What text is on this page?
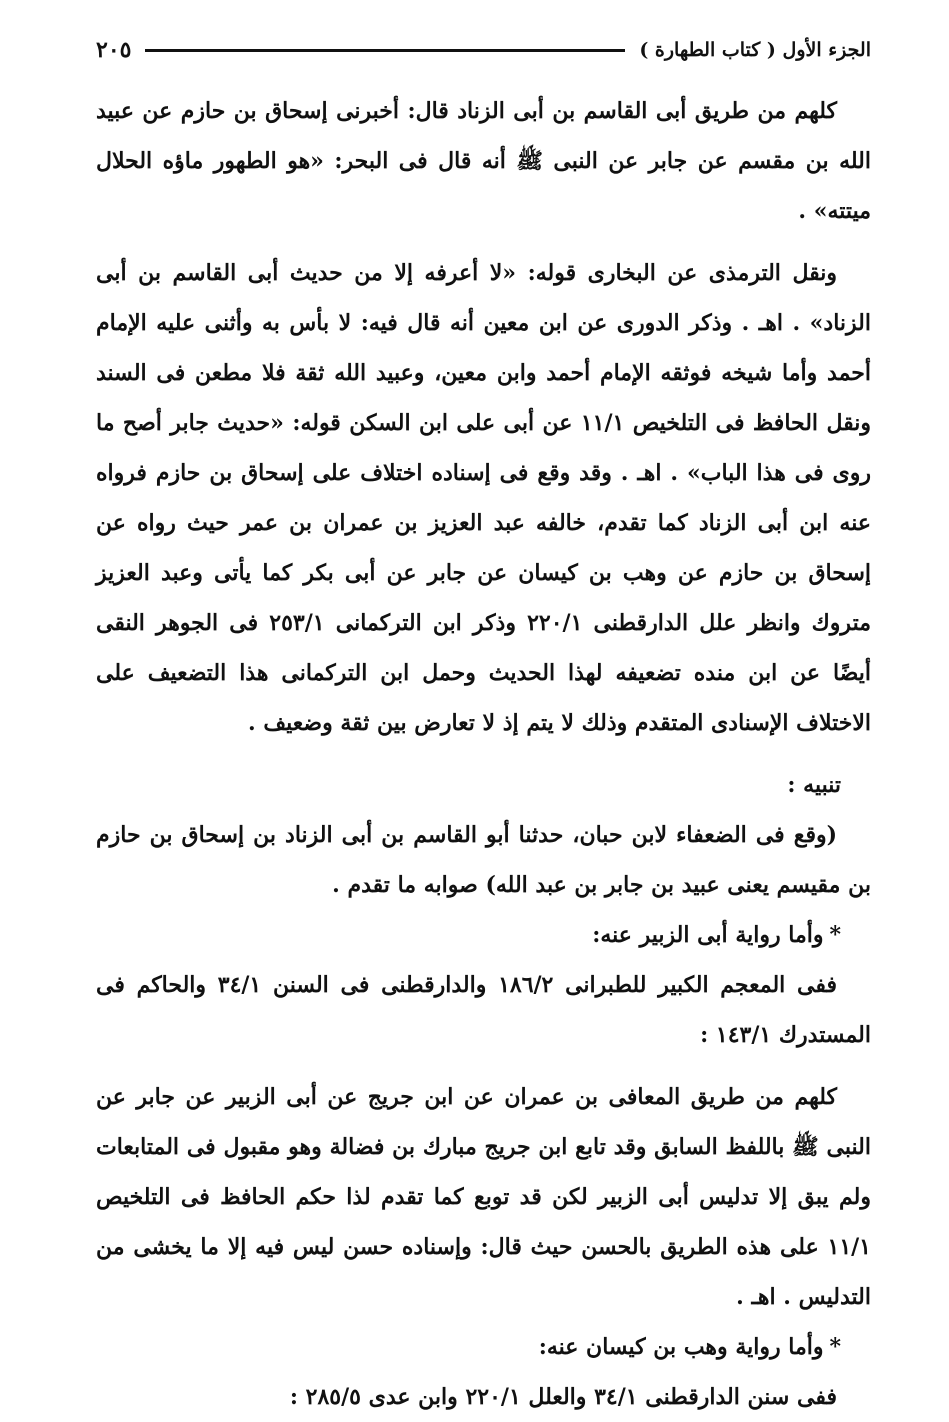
الجزء الأول ( كتاب الطهارة )
٢٠٥

كلهم من طريق أبى القاسم بن أبى الزناد قال: أخبرنى إسحاق بن حازم عن عبيد الله بن مقسم عن جابر عن النبى ﷺ أنه قال فى البحر: «هو الطهور ماؤه الحلال ميتته» .

ونقل الترمذى عن البخارى قوله: «لا أعرفه إلا من حديث أبى القاسم بن أبى الزناد» . اهـ . وذكر الدورى عن ابن معين أنه قال فيه: لا بأس به وأثنى عليه الإمام أحمد وأما شيخه فوثقه الإمام أحمد وابن معين، وعبيد الله ثقة فلا مطعن فى السند ونقل الحافظ فى التلخيص ١١/١ عن أبى على ابن السكن قوله: «حديث جابر أصح ما روى فى هذا الباب» . اهـ . وقد وقع فى إسناده اختلاف على إسحاق بن حازم فرواه عنه ابن أبى الزناد كما تقدم، خالفه عبد العزيز بن عمران بن عمر حيث رواه عن إسحاق بن حازم عن وهب بن كيسان عن جابر عن أبى بكر كما يأتى وعبد العزيز متروك وانظر علل الدارقطنى ٢٢٠/١ وذكر ابن التركمانى ٢٥٣/١ فى الجوهر النقى أيضًا عن ابن منده تضعيفه لهذا الحديث وحمل ابن التركمانى هذا التضعيف على الاختلاف الإسنادى المتقدم وذلك لا يتم إذ لا تعارض بين ثقة وضعيف .

تنبيه :

(وقع فى الضعفاء لابن حبان، حدثنا أبو القاسم بن أبى الزناد بن إسحاق بن حازم بن مقيسم يعنى عبيد بن جابر بن عبد الله) صوابه ما تقدم .

*وأما رواية أبى الزبير عنه:

ففى المعجم الكبير للطبرانى ١٨٦/٢ والدارقطنى فى السنن ٣٤/١ والحاكم فى المستدرك ١٤٣/١ :

كلهم من طريق المعافى بن عمران عن ابن جريج عن أبى الزبير عن جابر عن النبى ﷺ باللفظ السابق وقد تابع ابن جريج مبارك بن فضالة وهو مقبول فى المتابعات ولم يبق إلا تدليس أبى الزبير لكن قد توبع كما تقدم لذا حكم الحافظ فى التلخيص ١١/١ على هذه الطريق بالحسن حيث قال: وإسناده حسن ليس فيه إلا ما يخشى من التدليس . اهـ .

*وأما رواية وهب بن كيسان عنه:

ففى سنن الدارقطنى ٣٤/١ والعلل ٢٢٠/١ وابن عدى ٢٨٥/٥ :
